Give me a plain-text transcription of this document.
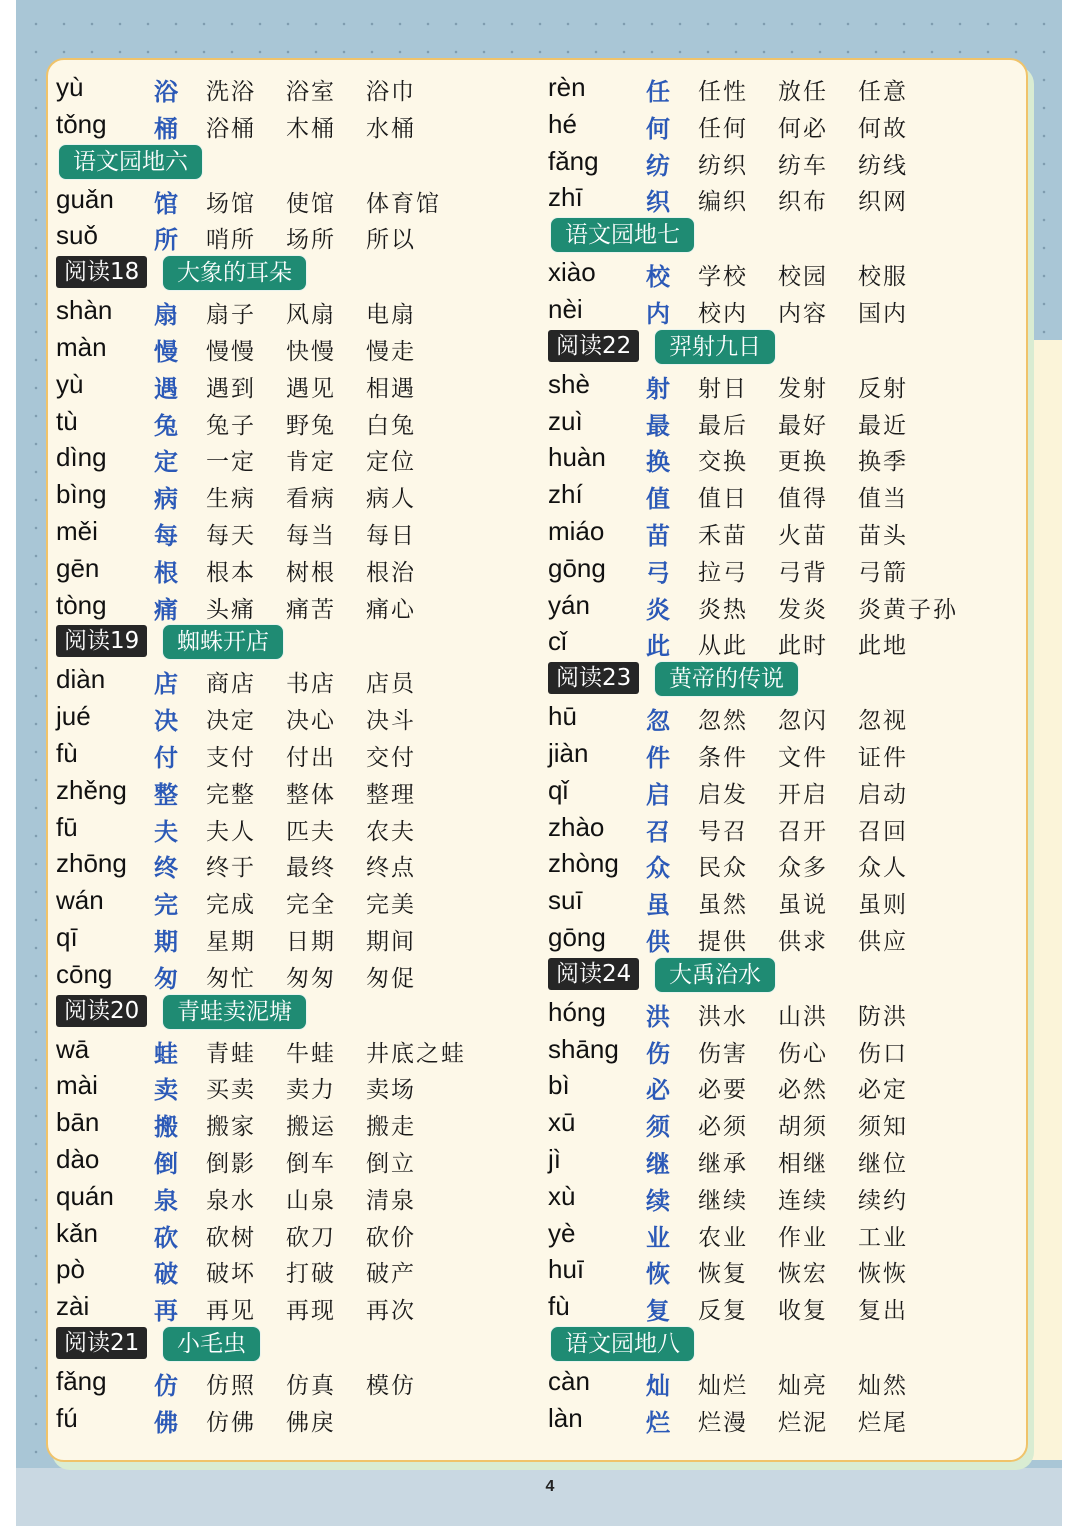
yù	浴 洗浴 浴室 浴巾
tǒng 桶 浴桶 木桶 水桶
语文园地六
guǎn 馆 场馆 使馆 体育馆
suǒ 所 哨所 场所 所以
阅读18	大象的耳朵
shàn 扇 扇子 风扇 电扇
màn 慢 慢慢 快慢 慢走
yù	遇 遇到 遇见 相遇
tù	兔 兔子 野兔 白兔
dìng 定 一定 肯定 定位
bìng 病 生病 看病 病人
měi 每 每天 每当 每日
gēn 根 根本 树根 根治
tòng 痛 头痛 痛苦 痛心
阅读19	蜘蛛开店
diàn 店 商店 书店 店员
jué	决 决定 决心 决斗
fù	付 支付 付出 交付
zhěng 整 完整 整体 整理
fū	夫 夫人 匹夫 农夫
zhōng 终 终于 最终 终点
wán 完 完成 完全 完美
qī	期 星期 日期 期间
cōng 匆 匆忙 匆匆 匆促
阅读20	青蛙卖泥塘
wā	蛙 青蛙 牛蛙 井底之蛙
mài 卖 买卖 卖力 卖场
bān 搬 搬家 搬运 搬走
dào 倒 倒影 倒车 倒立
quán 泉 泉水 山泉 清泉
kǎn 砍 砍树 砍刀 砍价
pò	破 破坏 打破 破产
zài	再 再见 再现 再次
阅读21	小毛虫
fǎng 仿 仿照 仿真 模仿
fú	佛 仿佛 佛戾
rèn	任 任性 放任 任意
hé	何 任何 何必 何故
fǎng 纺 纺织 纺车 纺线
zhī	织 编织 织布 织网
语文园地七
xiào 校 学校 校园 校服
nèi	内 校内 内容 国内
阅读22	羿射九日
shè 射 射日 发射 反射
zuì	最 最后 最好 最近
huàn 换 交换 更换 换季
zhí	值 值日 值得 值当
miáo 苗 禾苗 火苗 苗头
gōng 弓 拉弓 弓背 弓箭
yán 炎 炎热 发炎 炎黄子孙
cǐ	此 从此 此时 此地
阅读23	黄帝的传说
hū	忽 忽然 忽闪 忽视
jiàn 件 条件 文件 证件
qǐ	启 启发 开启 启动
zhào 召 号召 召开 召回
zhòng 众 民众 众多 众人
suī	虽 虽然 虽说 虽则
gōng 供 提供 供求 供应
阅读24	大禹治水
hóng 洪 洪水 山洪 防洪
shāng 伤 伤害 伤心 伤口
bì	必 必要 必然 必定
xū	须 必须 胡须 须知
jì	继 继承 相继 继位
xù	续 继续 连续 续约
yè	业 农业 作业 工业
huī	恢 恢复 恢宏 恢恢
fù	复 反复 收复 复出
语文园地八
càn 灿 灿烂 灿亮 灿然
làn	烂 烂漫 烂泥 烂尾
4
